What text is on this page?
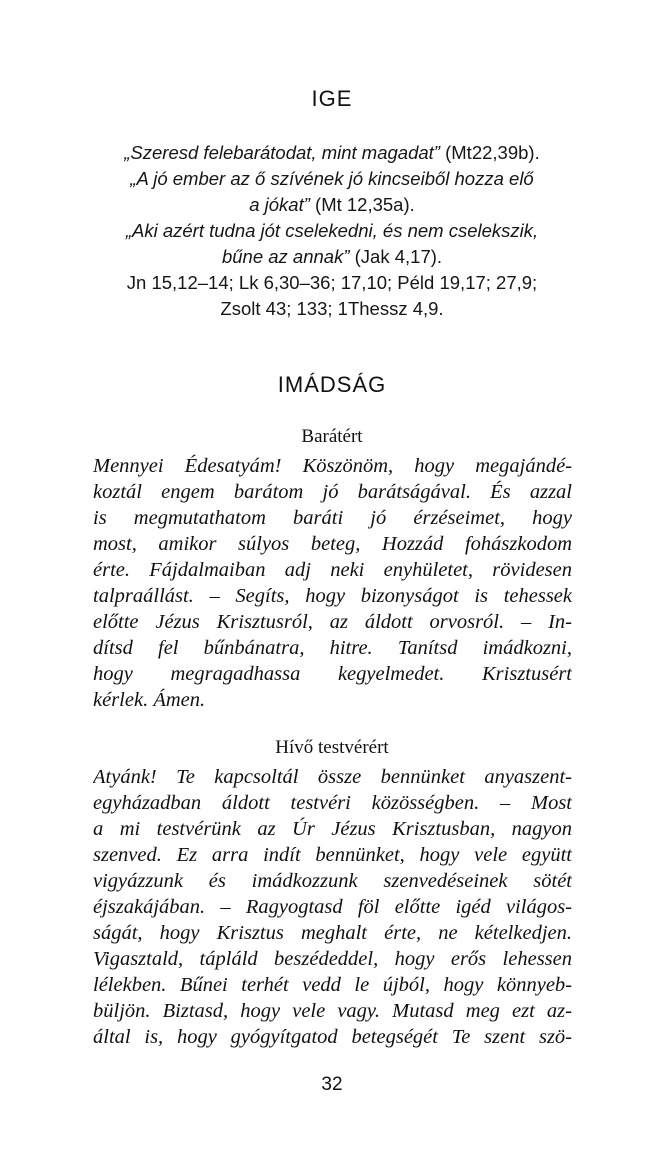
IGE
„Szeresd felebarátodat, mint magadat” (Mt22,39b).
„A jó ember az ő szívének jó kincseiből hozza elő
a jókat” (Mt 12,35a).
„Aki azért tudna jót cselekedni, és nem cselekszik,
bűne az annak” (Jak 4,17).
Jn 15,12–14; Lk 6,30–36; 17,10; Péld 19,17; 27,9;
Zsolt 43; 133; 1Thessz 4,9.
IMÁDSÁG
Barátért
Mennyei Édesatyám! Köszönöm, hogy megajándé-
koztál engem barátom jó barátságával. És azzal
is megmutathatom baráti jó érzéseimet, hogy
most, amikor súlyos beteg, Hozzád fohászkodom
érte. Fájdalmaiban adj neki enyhületet, rövidesen
talpraállást. – Segíts, hogy bizonyságot is tehessek
előtte Jézus Krisztusról, az áldott orvosról. – In-
dítsd fel bűnbánatra, hitre. Tanítsd imádkozni,
hogy megragadhassa kegyelmedet. Krisztusért
kérlek. Ámen.
Hívő testvérért
Atyánk! Te kapcsoltál össze bennünket anyaszent-
egyházadban áldott testvéri közösségben. – Most
a mi testvérünk az Úr Jézus Krisztusban, nagyon
szenved. Ez arra indít bennünket, hogy vele együtt
vigyázzunk és imádkozzunk szenvedéseinek sötét
éjszakájában. – Ragyogtasd föl előtte igéd világos-
ságát, hogy Krisztus meghalt érte, ne kételkedjen.
Vigasztald, tápláld beszédeddel, hogy erős lehessen
lélekben. Bűnei terhét vedd le újból, hogy könnyeb-
büljön. Biztasd, hogy vele vagy. Mutasd meg ezt az-
által is, hogy gyógyítgatod betegségét Te szent szö-
32
